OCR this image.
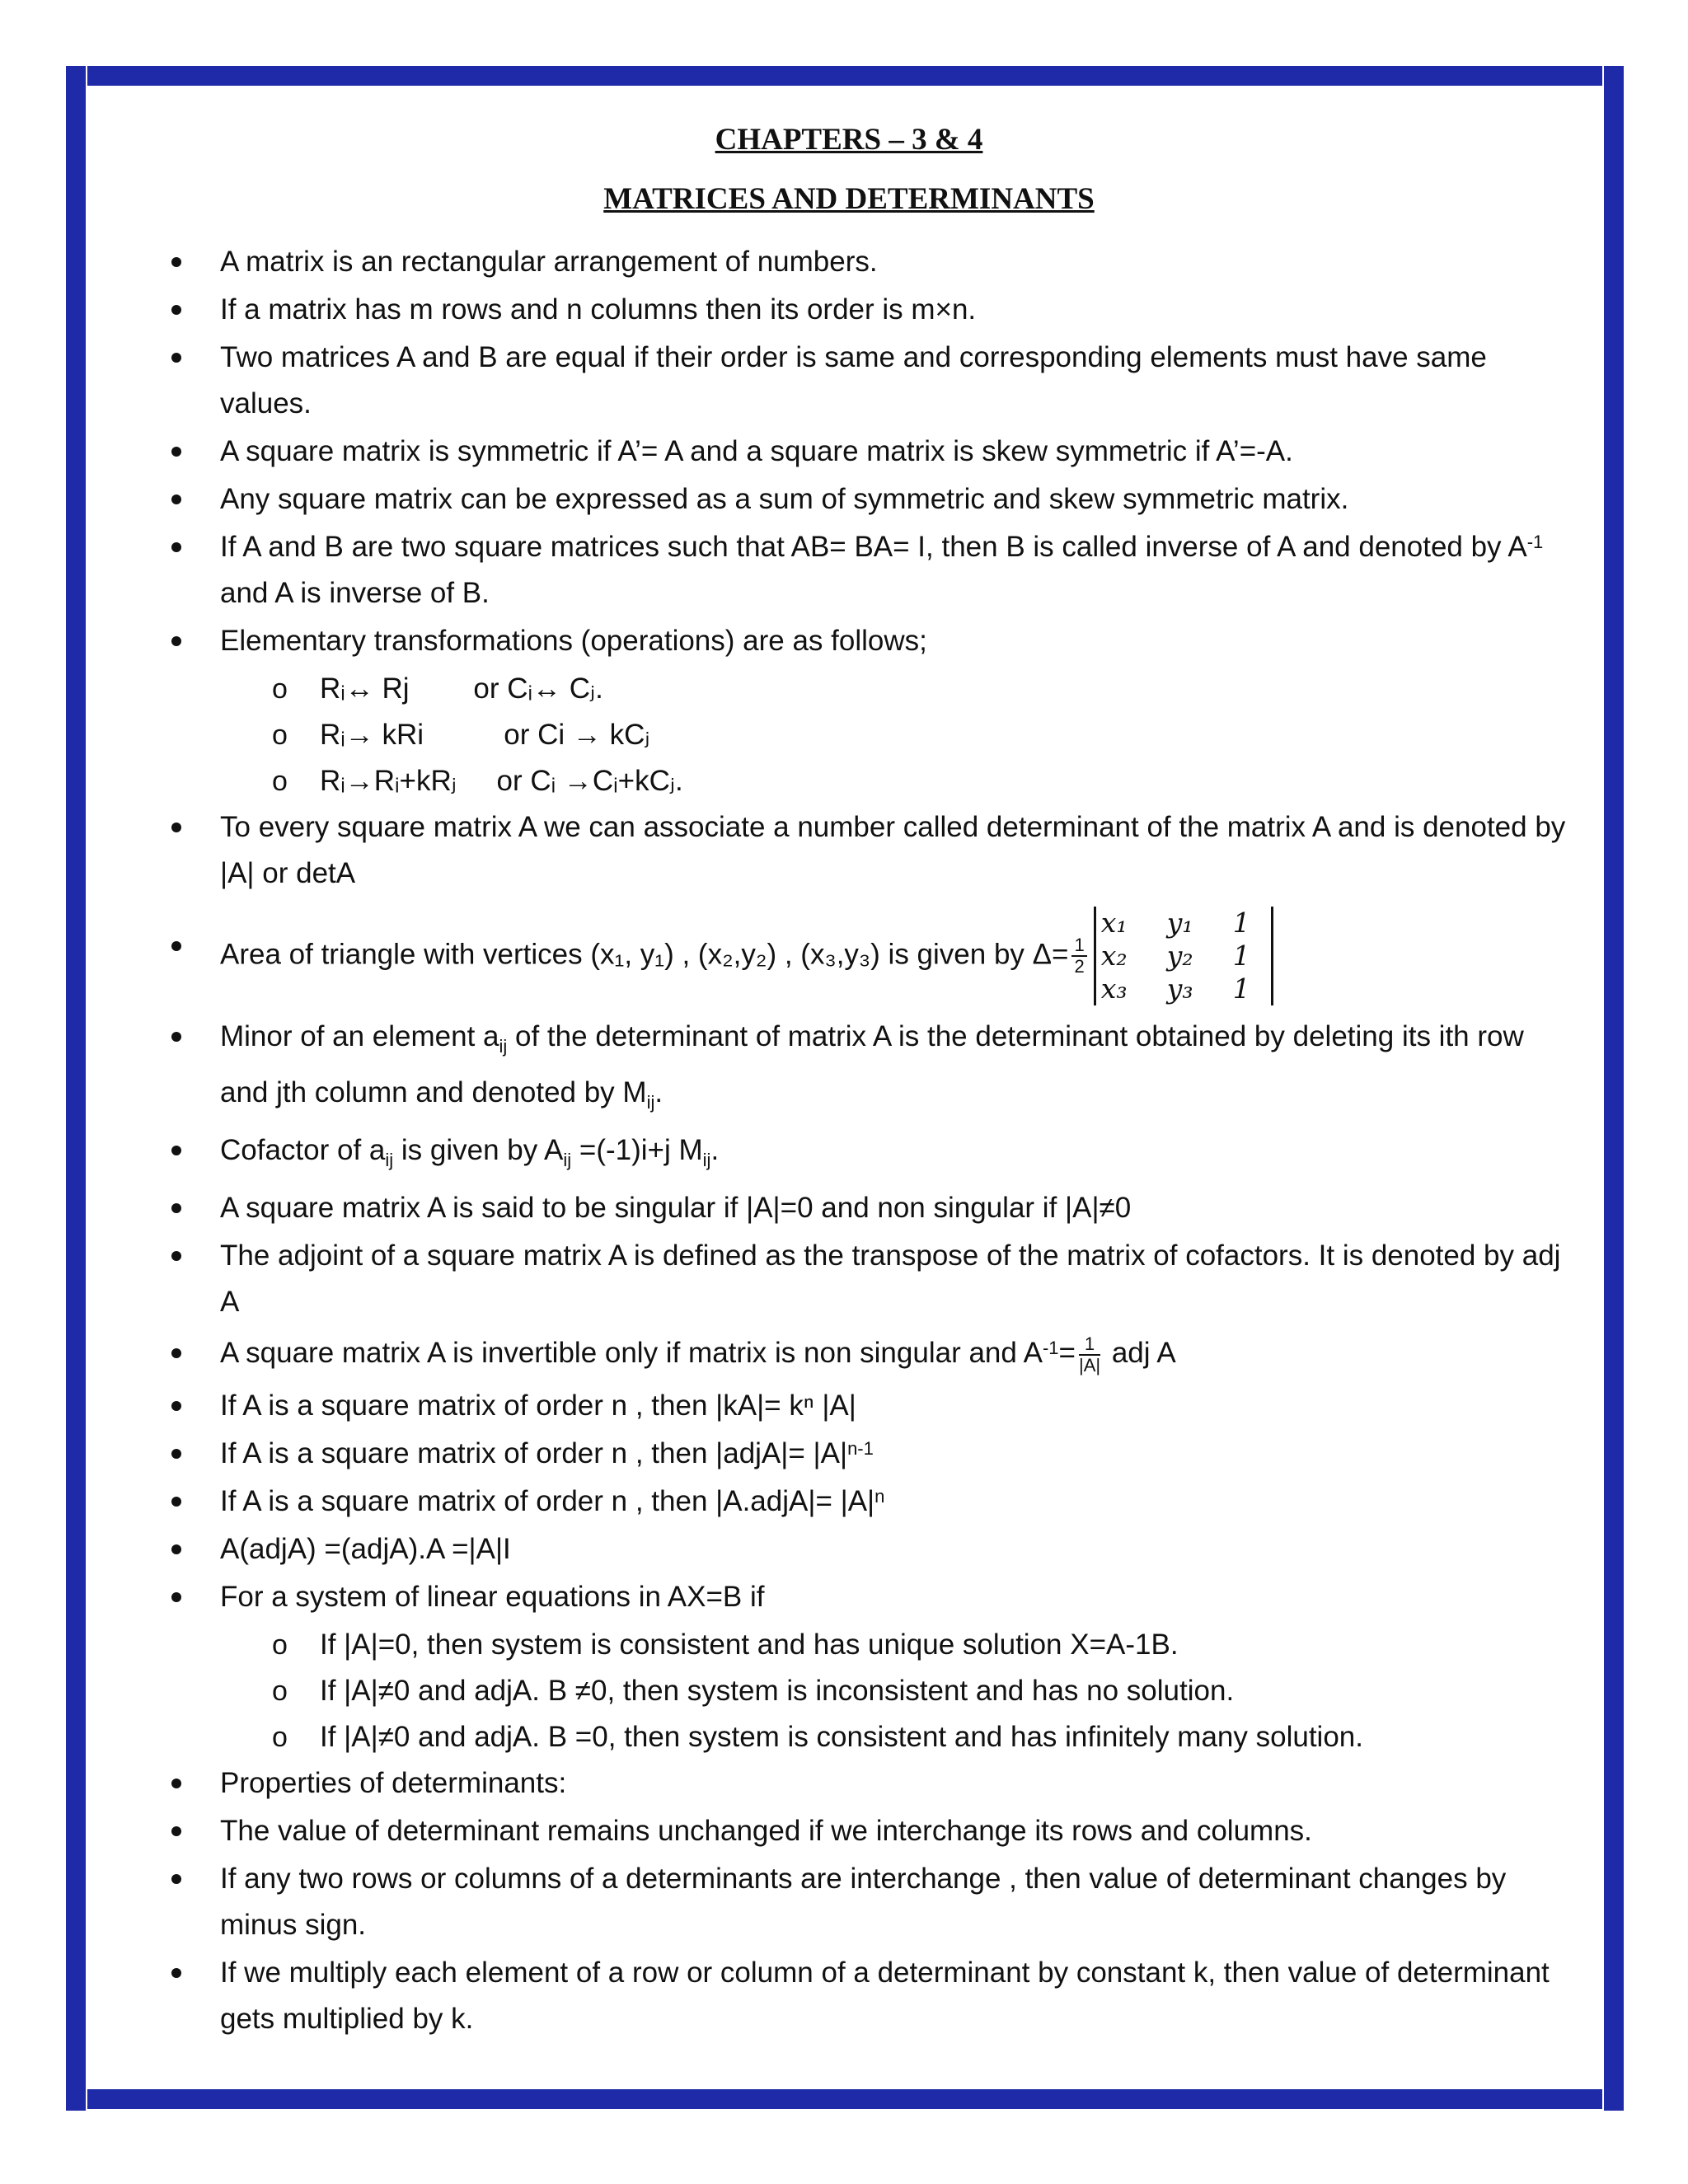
CHAPTERS – 3 & 4
MATRICES AND DETERMINANTS
A matrix is an rectangular arrangement of numbers.
If a matrix has m rows and n columns then its order is m×n.
Two matrices A and B are equal if their order is same and corresponding elements must have same values.
A square matrix is symmetric if A’= A and a square matrix is skew symmetric if A’=-A.
Any square matrix can be expressed as a sum of symmetric and skew symmetric matrix.
If A and B are two square matrices such that AB= BA= I, then B is called inverse of A and denoted by $A^{-1}$ and A is inverse of B.
Elementary transformations (operations) are as follows;
o Rᵢ↔ Rj        or Cᵢ↔ Cⱼ.
o Rᵢ→ kRi          or Ci → kCⱼ
o Rᵢ→Rᵢ+kRⱼ     or Cᵢ →Cᵢ+kCⱼ.
To every square matrix A we can associate a number called determinant of the matrix A and is denoted by |A| or detA
Area of triangle with vertices (x₁, y₁) , (x₂,y₂) , (x₃,y₃) is given by $\Delta= \frac{1}{2}$
x₁	y₁	1
x₂	y₂	1
x₃	y₃	1
Minor of an element $a_{ij}$ of the determinant of matrix A is the determinant obtained by deleting its ith row and jth column and denoted by $M_{ij}$.
Cofactor of $a_{ij}$ is given by $A_{ij} =(-1)i+j$ $M_{ij}$.
A square matrix A is said to be singular if |A|=0 and non singular if |A|≠0
The adjoint of a square matrix A is defined as the transpose of the matrix of cofactors. It is denoted by adj A
A square matrix A is invertible only if matrix is non singular and $A^{-1}= \frac{1}{|A|}$ adj A
If A is a square matrix of order n , then |kA|= kⁿ |A|
If A is a square matrix of order n , then |adjA|= $|A|^{n-1}$
If A is a square matrix of order n , then |A.adjA|= $|A|^n$
A(adjA) =(adjA).A =|A|I
For a system of linear equations in AX=B if
o If |A|=0, then system is consistent and has unique solution X=A-1B.
o If |A|≠0 and adjA. B ≠0, then system is inconsistent and has no solution.
o If |A|≠0 and adjA. B =0, then system is consistent and has infinitely many solution.
Properties of determinants:
The value of determinant remains unchanged if we interchange its rows and columns.
If any two rows or columns of a determinants are interchange , then value of determinant changes by minus sign.
If we multiply each element of a row or column of a determinant by constant k, then value of determinant gets multiplied by k.
